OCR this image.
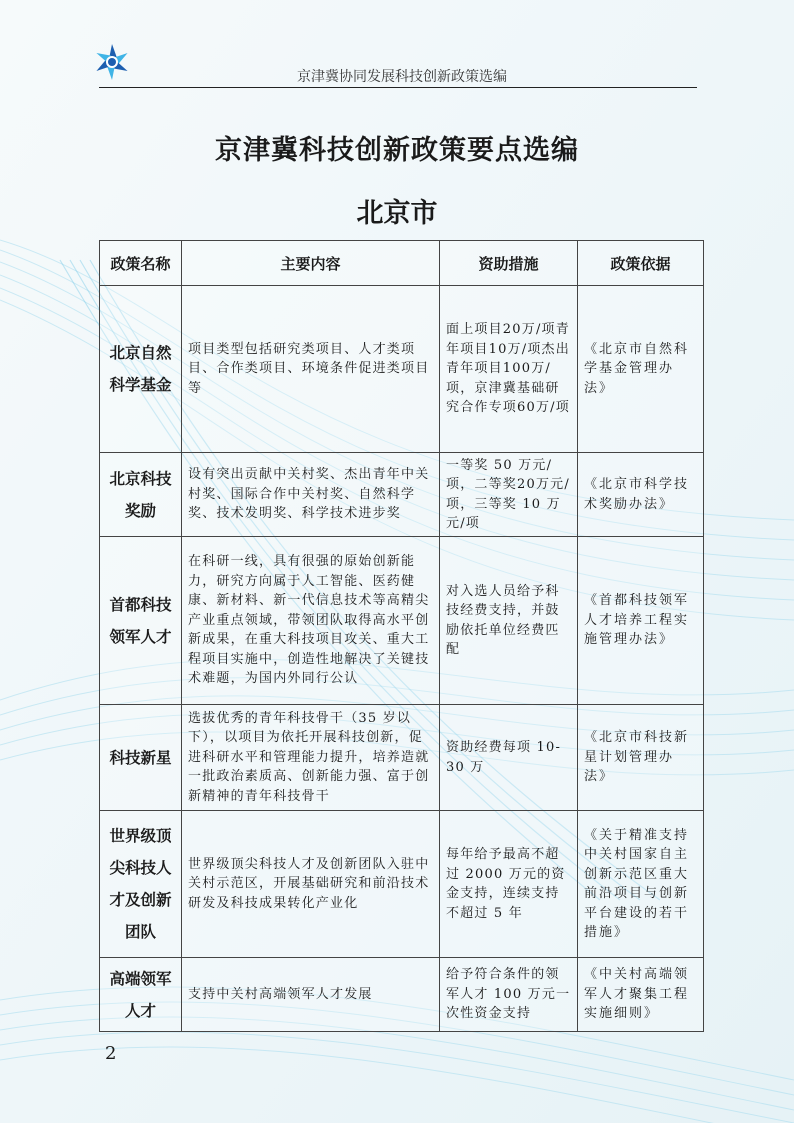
京津冀协同发展科技创新政策选编
京津冀科技创新政策要点选编
北京市
政策名称	主要内容	资助措施	政策依据
北京自然科学基金	项目类型包括研究类项目、人才类项目、合作类项目、环境条件促进类项目等	面上项目20万/项青年项目10万/项杰出青年项目100万/项，京津冀基础研究合作专项60万/项	《北京市自然科学基金管理办法》
北京科技奖励	设有突出贡献中关村奖、杰出青年中关村奖、国际合作中关村奖、自然科学奖、技术发明奖、科学技术进步奖	一等奖 50 万元/项，二等奖20万元/项，三等奖 10 万元/项	《北京市科学技术奖励办法》
首都科技领军人才	在科研一线，具有很强的原始创新能力，研究方向属于人工智能、医药健康、新材料、新一代信息技术等高精尖产业重点领域，带领团队取得高水平创新成果，在重大科技项目攻关、重大工程项目实施中，创造性地解决了关键技术难题，为国内外同行公认	对入选人员给予科技经费支持，并鼓励依托单位经费匹配	《首都科技领军人才培养工程实施管理办法》
科技新星	选拔优秀的青年科技骨干（35 岁以下），以项目为依托开展科技创新，促进科研水平和管理能力提升，培养造就一批政治素质高、创新能力强、富于创新精神的青年科技骨干	资助经费每项 10-30 万	《北京市科技新星计划管理办法》
世界级顶尖科技人才及创新团队	世界级顶尖科技人才及创新团队入驻中关村示范区，开展基础研究和前沿技术研发及科技成果转化产业化	每年给予最高不超过 2000 万元的资金支持，连续支持不超过 5 年	《关于精准支持中关村国家自主创新示范区重大前沿项目与创新平台建设的若干措施》
高端领军人才	支持中关村高端领军人才发展	给予符合条件的领军人才 100 万元一次性资金支持	《中关村高端领军人才聚集工程实施细则》
2
